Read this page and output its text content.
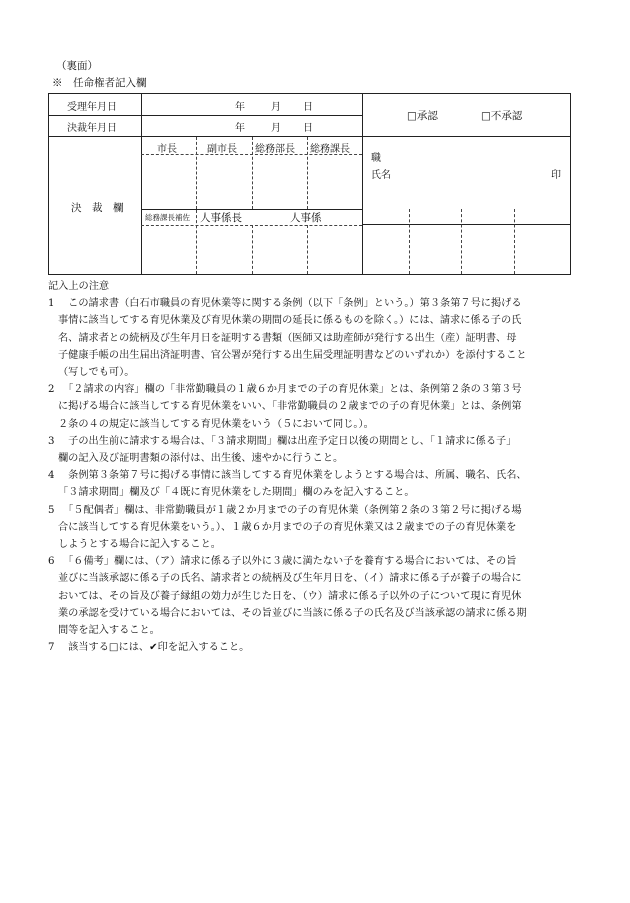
（裏面）
※　任命権者記入欄
受理年月日	年	月 日
決裁年月日	年	月 日
□承認	□不承認
決　裁　欄
市長	副市長 総務部長 総務課長
総務課長補佐 人事係長	人事係
職
氏名	印
記入上の注意
1　この請求書（白石市職員の育児休業等に関する条例（以下「条例」という。）第３条第７号に掲げる
事情に該当してする育児休業及び育児休業の期間の延長に係るものを除く。）には、請求に係る子の氏
名、請求者との続柄及び生年月日を証明する書類（医師又は助産師が発行する出生（産）証明書、母
子健康手帳の出生届出済証明書、官公署が発行する出生届受理証明書などのいずれか）を添付すること
（写しでも可）。
2　「２請求の内容」欄の「非常勤職員の１歳６か月までの子の育児休業」とは、条例第２条の３第３号
に掲げる場合に該当してする育児休業をいい、「非常勤職員の２歳までの子の育児休業」とは、条例第
２条の４の規定に該当してする育児休業をいう（５において同じ。）。
3　子の出生前に請求する場合は、「３請求期間」欄は出産予定日以後の期間とし、「１請求に係る子」
欄の記入及び証明書類の添付は、出生後、速やかに行うこと。
4　条例第３条第７号に掲げる事情に該当してする育児休業をしようとする場合は、所属、職名、氏名、
「３請求期間」欄及び「４既に育児休業をした期間」欄のみを記入すること。
5　「５配偶者」欄は、非常勤職員が１歳２か月までの子の育児休業（条例第２条の３第２号に掲げる場
合に該当してする育児休業をいう。）、１歳６か月までの子の育児休業又は２歳までの子の育児休業を
しようとする場合に記入すること。
6　「６備考」欄には、（ア）請求に係る子以外に３歳に満たない子を養育する場合においては、その旨
並びに当該承認に係る子の氏名、請求者との続柄及び生年月日を、（イ）請求に係る子が養子の場合に
おいては、その旨及び養子縁組の効力が生じた日を、（ウ）請求に係る子以外の子について現に育児休
業の承認を受けている場合においては、その旨並びに当該に係る子の氏名及び当該承認の請求に係る期
間等を記入すること。
7　該当する□には、✔印を記入すること。
